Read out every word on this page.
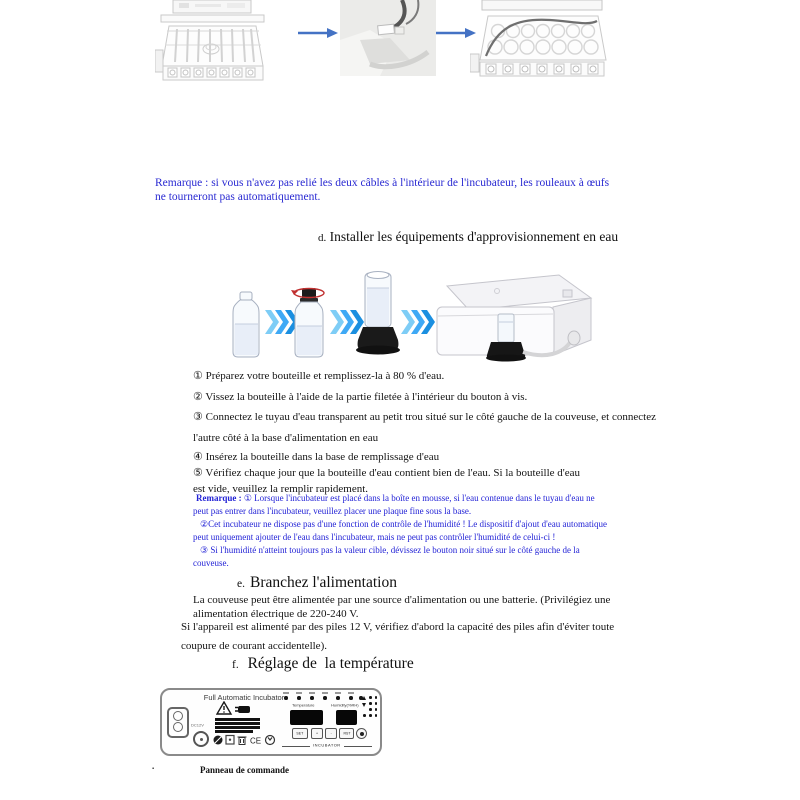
Remarque : si vous n'avez pas relié les deux câbles à l'intérieur de l'incubateur, les rouleaux à œufs
ne tourneront pas automatiquement.
d. Installer les équipements d'approvisionnement en eau
① Préparez votre bouteille et remplissez-la à 80 % d'eau.
② Vissez la bouteille à l'aide de la partie filetée à l'intérieur du bouton à vis.
③ Connectez le tuyau d'eau transparent au petit trou situé sur le côté gauche de la couveuse, et connectez
l'autre côté à la base d'alimentation en eau
④ Insérez la bouteille dans la base de remplissage d'eau
⑤ Vérifiez chaque jour que la bouteille d'eau contient bien de l'eau. Si la bouteille d'eau
est vide, veuillez la remplir rapidement.
Remarque : ① Lorsque l'incubateur est placé dans la boîte en mousse, si l'eau contenue dans le tuyau d'eau ne
peut pas entrer dans l'incubateur, veuillez placer une plaque fine sous la base.
②Cet incubateur ne dispose pas d'une fonction de contrôle de l'humidité ! Le dispositif d'ajout d'eau automatique
peut uniquement ajouter de l'eau dans l'incubateur, mais ne peut pas contrôler l'humidité de celui-ci !
③ Si l'humidité n'atteint toujours pas la valeur cible, dévissez le bouton noir situé sur le côté gauche de la
couveuse.
e. Branchez l'alimentation
La couveuse peut être alimentée par une source d'alimentation ou une batterie. (Privilégiez une
alimentation électrique de 220-240 V.
Si l'appareil est alimenté par des piles 12 V, vérifiez d'abord la capacité des piles afin d'éviter toute
coupure de courant accidentelle).
f. Réglage de  la température
Full Automatic Incubator
Temperature Humidity(%RH)
SET + - RST
INCUBATOR
DC12V
CE
.	Panneau de commande
